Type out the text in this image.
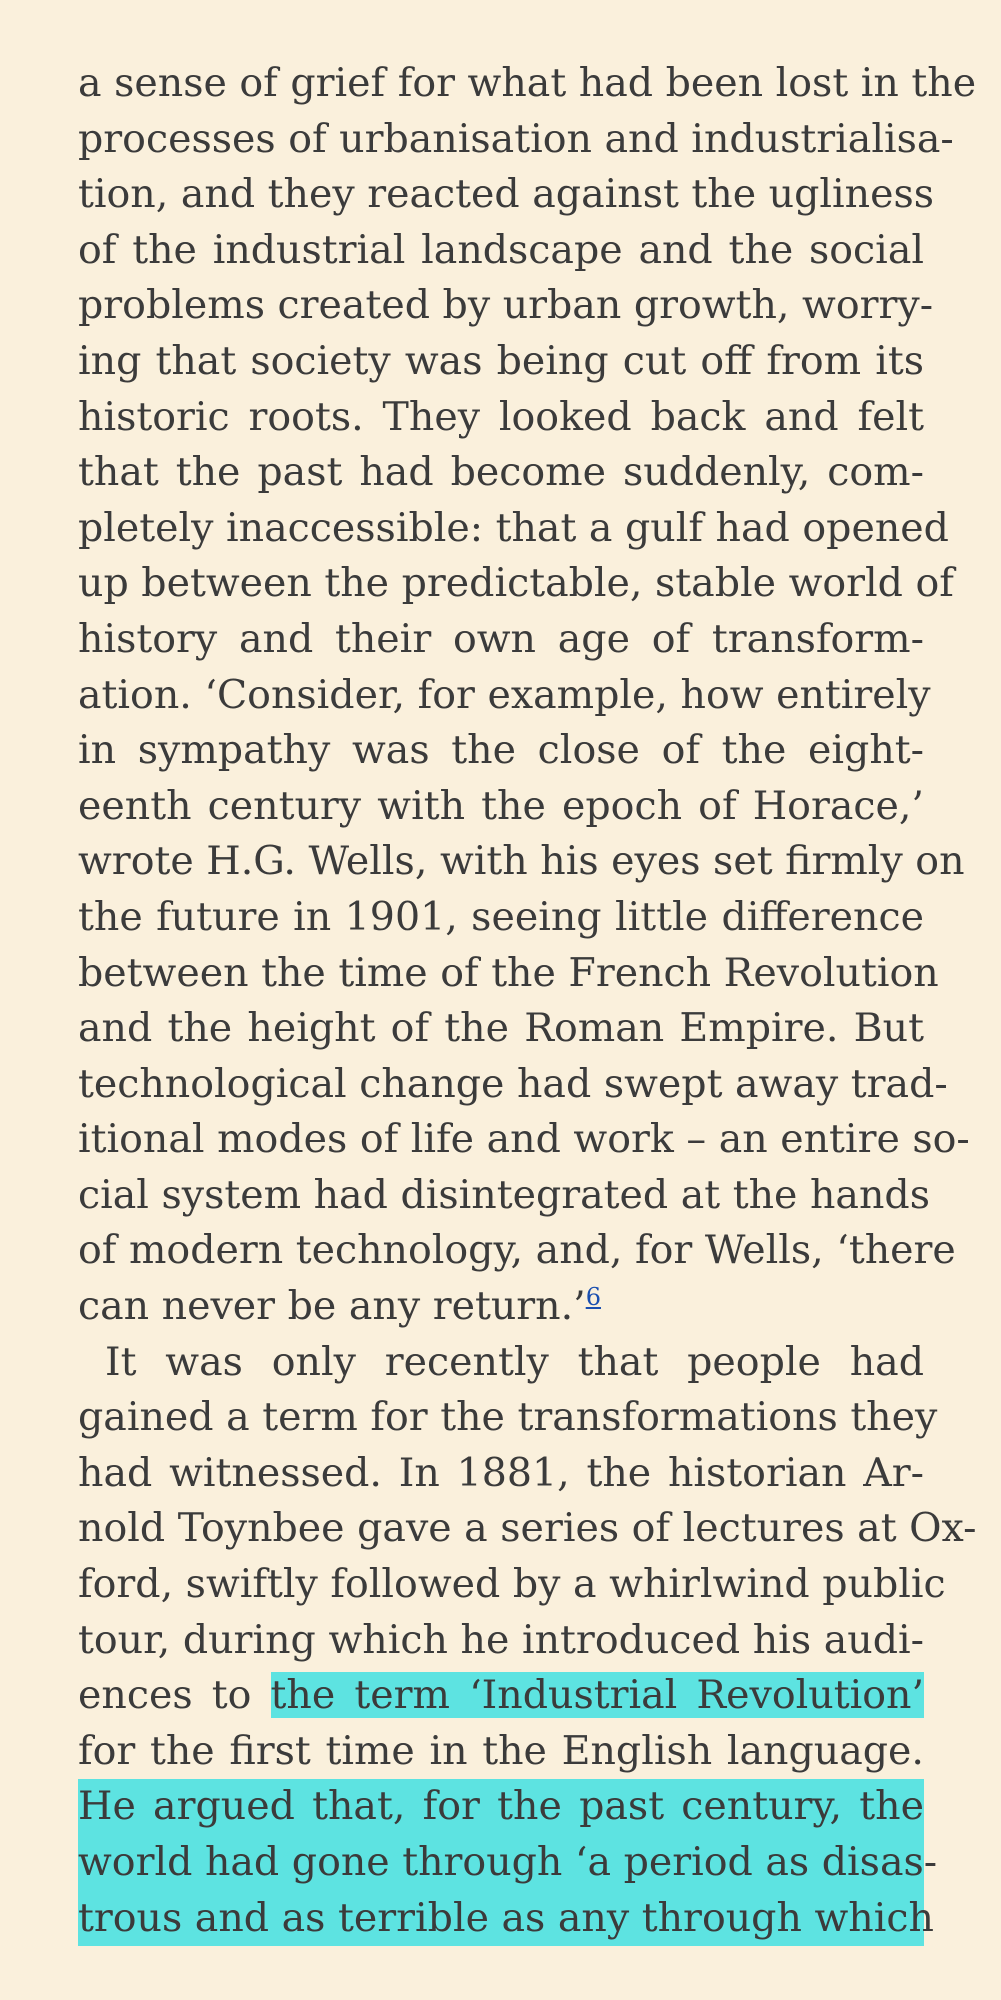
a sense of grief for what had been lost in the
processes of urbanisation and industrialisa-
tion, and they reacted against the ugliness
of the industrial landscape and the social
problems created by urban growth, worry-
ing that society was being cut off from its
historic roots. They looked back and felt
that the past had become suddenly, com-
pletely inaccessible: that a gulf had opened
up between the predictable, stable world of
history and their own age of transform-
ation. ‘Consider, for example, how entirely
in sympathy was the close of the eight-
eenth century with the epoch of Horace,’
wrote H.G. Wells, with his eyes set firmly on
the future in 1901, seeing little difference
between the time of the French Revolution
and the height of the Roman Empire. But
technological change had swept away trad-
itional modes of life and work – an entire so-
cial system had disintegrated at the hands
of modern technology, and, for Wells, ‘there
can never be any return.’$^6$
It was only recently that people had
gained a term for the transformations they
had witnessed. In 1881, the historian Ar-
nold Toynbee gave a series of lectures at Ox-
ford, swiftly followed by a whirlwind public
tour, during which he introduced his audi-
ences to the term ‘Industrial Revolution’
for the first time in the English language.
He argued that, for the past century, the
world had gone through ‘a period as disas-
trous and as terrible as any through which
